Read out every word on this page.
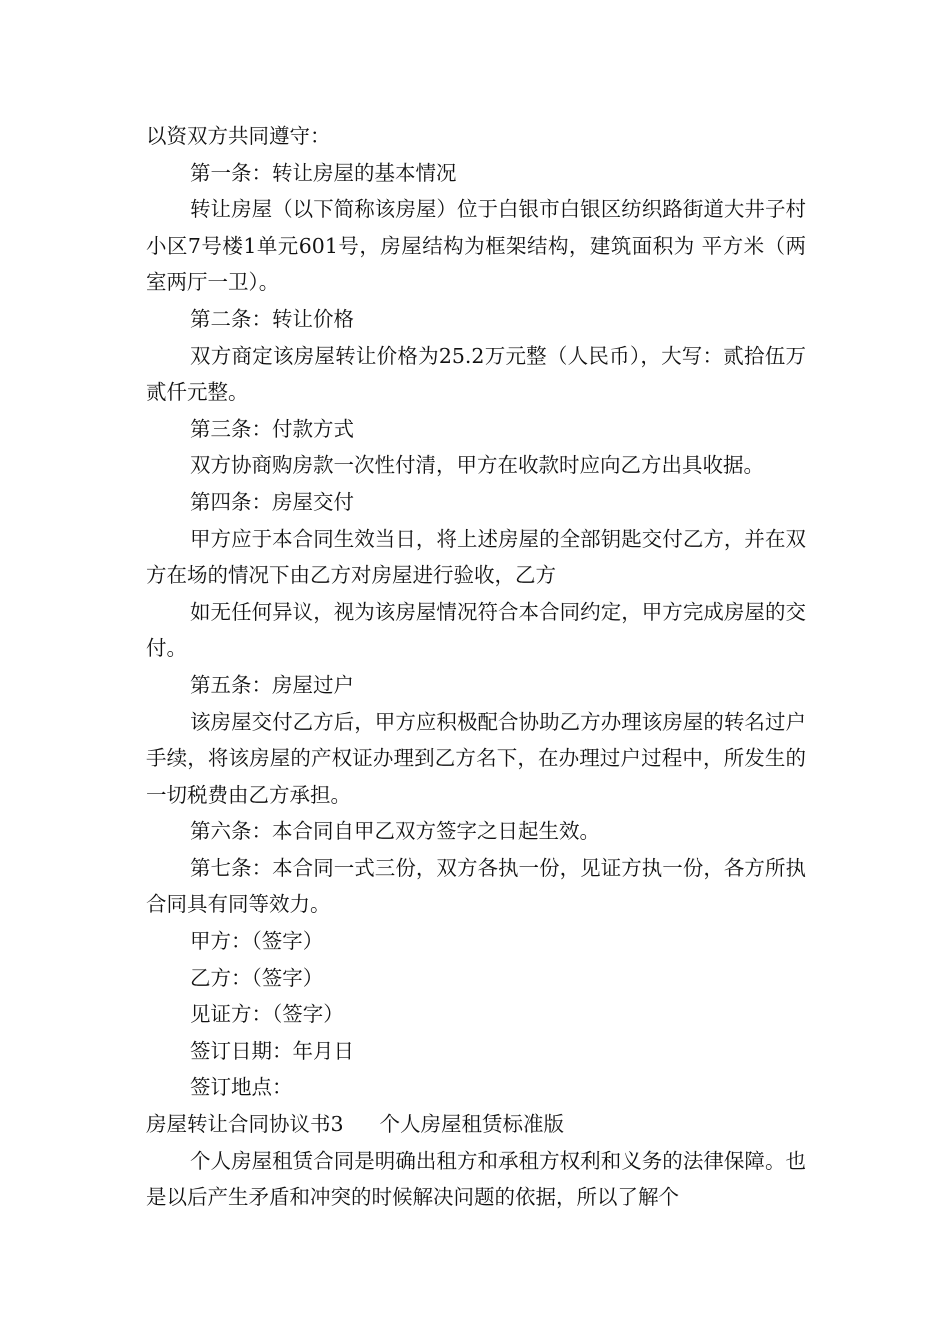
以资双方共同遵守：

第一条：转让房屋的基本情况

转让房屋（以下简称该房屋）位于白银市白银区纺织路街道大井子村小区7号楼1单元601号，房屋结构为框架结构，建筑面积为 平方米（两室两厅一卫）。

第二条：转让价格

双方商定该房屋转让价格为25.2万元整（人民币），大写：贰拾伍万贰仟元整。

第三条：付款方式

双方协商购房款一次性付清，甲方在收款时应向乙方出具收据。

第四条：房屋交付

甲方应于本合同生效当日，将上述房屋的全部钥匙交付乙方，并在双方在场的情况下由乙方对房屋进行验收，乙方

如无任何异议，视为该房屋情况符合本合同约定，甲方完成房屋的交付。

第五条：房屋过户

该房屋交付乙方后，甲方应积极配合协助乙方办理该房屋的转名过户手续，将该房屋的产权证办理到乙方名下，在办理过户过程中，所发生的一切税费由乙方承担。

第六条：本合同自甲乙双方签字之日起生效。

第七条：本合同一式三份，双方各执一份，见证方执一份，各方所执合同具有同等效力。

甲方：（签字）

乙方：（签字）

见证方：（签字）

签订日期：年月日

签订地点：

房屋转让合同协议书3 个人房屋租赁标准版

个人房屋租赁合同是明确出租方和承租方权利和义务的法律保障。也是以后产生矛盾和冲突的时候解决问题的依据，所以了解个
